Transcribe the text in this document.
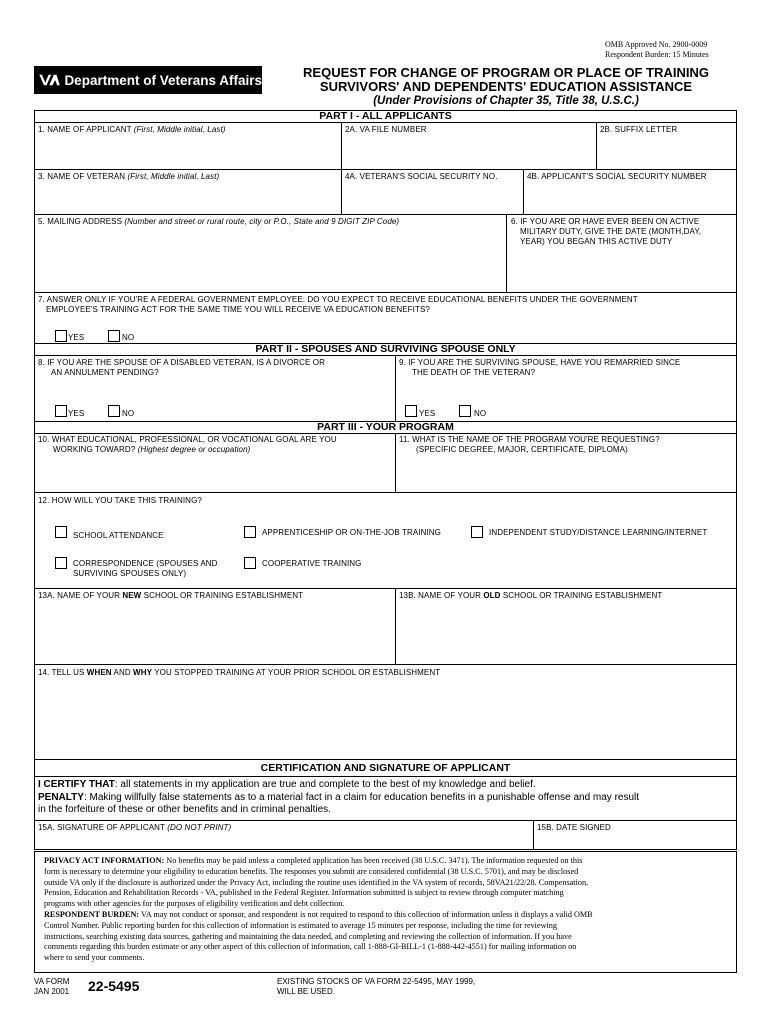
OMB Approved No. 2900-0009
Respondent Burden: 15 Minutes
Department of Veterans Affairs	REQUEST FOR CHANGE OF PROGRAM OR PLACE OF TRAINING
SURVIVORS' AND DEPENDENTS' EDUCATION ASSISTANCE
(Under Provisions of Chapter 35, Title 38, U.S.C.)
PART I - ALL APPLICANTS
1. NAME OF APPLICANT (First, Middle initial, Last)	2A. VA FILE NUMBER	2B. SUFFIX LETTER
3. NAME OF VETERAN (First, Middle initial, Last)	4A. VETERAN'S SOCIAL SECURITY NO.	4B. APPLICANT'S SOCIAL SECURITY NUMBER
5. MAILING ADDRESS (Number and street or rural route, city or P.O., State and 9 DIGIT ZIP Code)	6. IF YOU ARE OR HAVE EVER BEEN ON ACTIVE
MILITARY DUTY, GIVE THE DATE (MONTH,DAY,
YEAR) YOU BEGAN THIS ACTIVE DUTY
7. ANSWER ONLY IF YOU'RE A FEDERAL GOVERNMENT EMPLOYEE: DO YOU EXPECT TO RECEIVE EDUCATIONAL BENEFITS UNDER THE GOVERNMENT
EMPLOYEE'S TRAINING ACT FOR THE SAME TIME YOU WILL RECEIVE VA EDUCATION BENEFITS?
YES	NO
PART II - SPOUSES AND SURVIVING SPOUSE ONLY
8. IF YOU ARE THE SPOUSE OF A DISABLED VETERAN, IS A DIVORCE OR
AN ANNULMENT PENDING?
9. IF YOU ARE THE SURVIVING SPOUSE, HAVE YOU REMARRIED SINCE
THE DEATH OF THE VETERAN?
YES	NO	YES	NO
PART III - YOUR PROGRAM
10. WHAT EDUCATIONAL, PROFESSIONAL, OR VOCATIONAL GOAL ARE YOU
WORKING TOWARD? (Highest degree or occupation)
11. WHAT IS THE NAME OF THE PROGRAM YOU'RE REQUESTING?
(SPECIFIC DEGREE, MAJOR, CERTIFICATE, DIPLOMA)
12. HOW WILL YOU TAKE THIS TRAINING?
SCHOOL ATTENDANCE	APPRENTICESHIP OR ON-THE-JOB TRAINING	INDEPENDENT STUDY/DISTANCE LEARNING/INTERNET
CORRESPONDENCE (SPOUSES AND
SURVIVING SPOUSES ONLY)
COOPERATIVE TRAINING
13A. NAME OF YOUR NEW SCHOOL OR TRAINING ESTABLISHMENT	13B. NAME OF YOUR OLD SCHOOL OR TRAINING ESTABLISHMENT
14. TELL US WHEN AND WHY YOU STOPPED TRAINING AT YOUR PRIOR SCHOOL OR ESTABLISHMENT
CERTIFICATION AND SIGNATURE OF APPLICANT
I CERTIFY THAT: all statements in my application are true and complete to the best of my knowledge and belief.
PENALTY: Making willfully false statements as to a material fact in a claim for education benefits in a punishable offense and may result
in the forfeiture of these or other benefits and in criminal penalties.
15A. SIGNATURE OF APPLICANT (DO NOT PRINT)	15B. DATE SIGNED
PRIVACY ACT INFORMATION: No benefits may be paid unless a completed application has been received (38 U.S.C. 3471). The information requested on this
form is necessary to determine your eligibility to education benefits. The responses you submit are considered confidential (38 U.S.C. 5701), and may be disclosed
outside VA only if the disclosure is authorized under the Privacy Act, including the routine uses identified in the VA system of records, 58VA21/22/28. Compensation,
Pension, Education and Rehabilitation Records - VA, published in the Federal Register. Information submitted is subject to review through computer matching
programs with other agencies for the purposes of eligibility verification and debt collection.
RESPONDENT BURDEN: VA may not conduct or sponsor, and respondent is not required to respond to this collection of information unless it displays a valid OMB
Control Number. Public reporting burden for this collection of information is estimated to average 15 minutes per response, including the time for reviewing
instructions, searching existing data sources, gathering and maintaining the data needed, and completing and reviewing the collection of information. If you have
comments regarding this burden estimate or any other aspect of this collection of information, call 1-888-GI-BILL-1 (1-888-442-4551) for mailing information on
where to send your comments.
VA FORM
JAN 2001 22-5495	EXISTING STOCKS OF VA FORM 22-5495, MAY 1999,
WILL BE USED.
